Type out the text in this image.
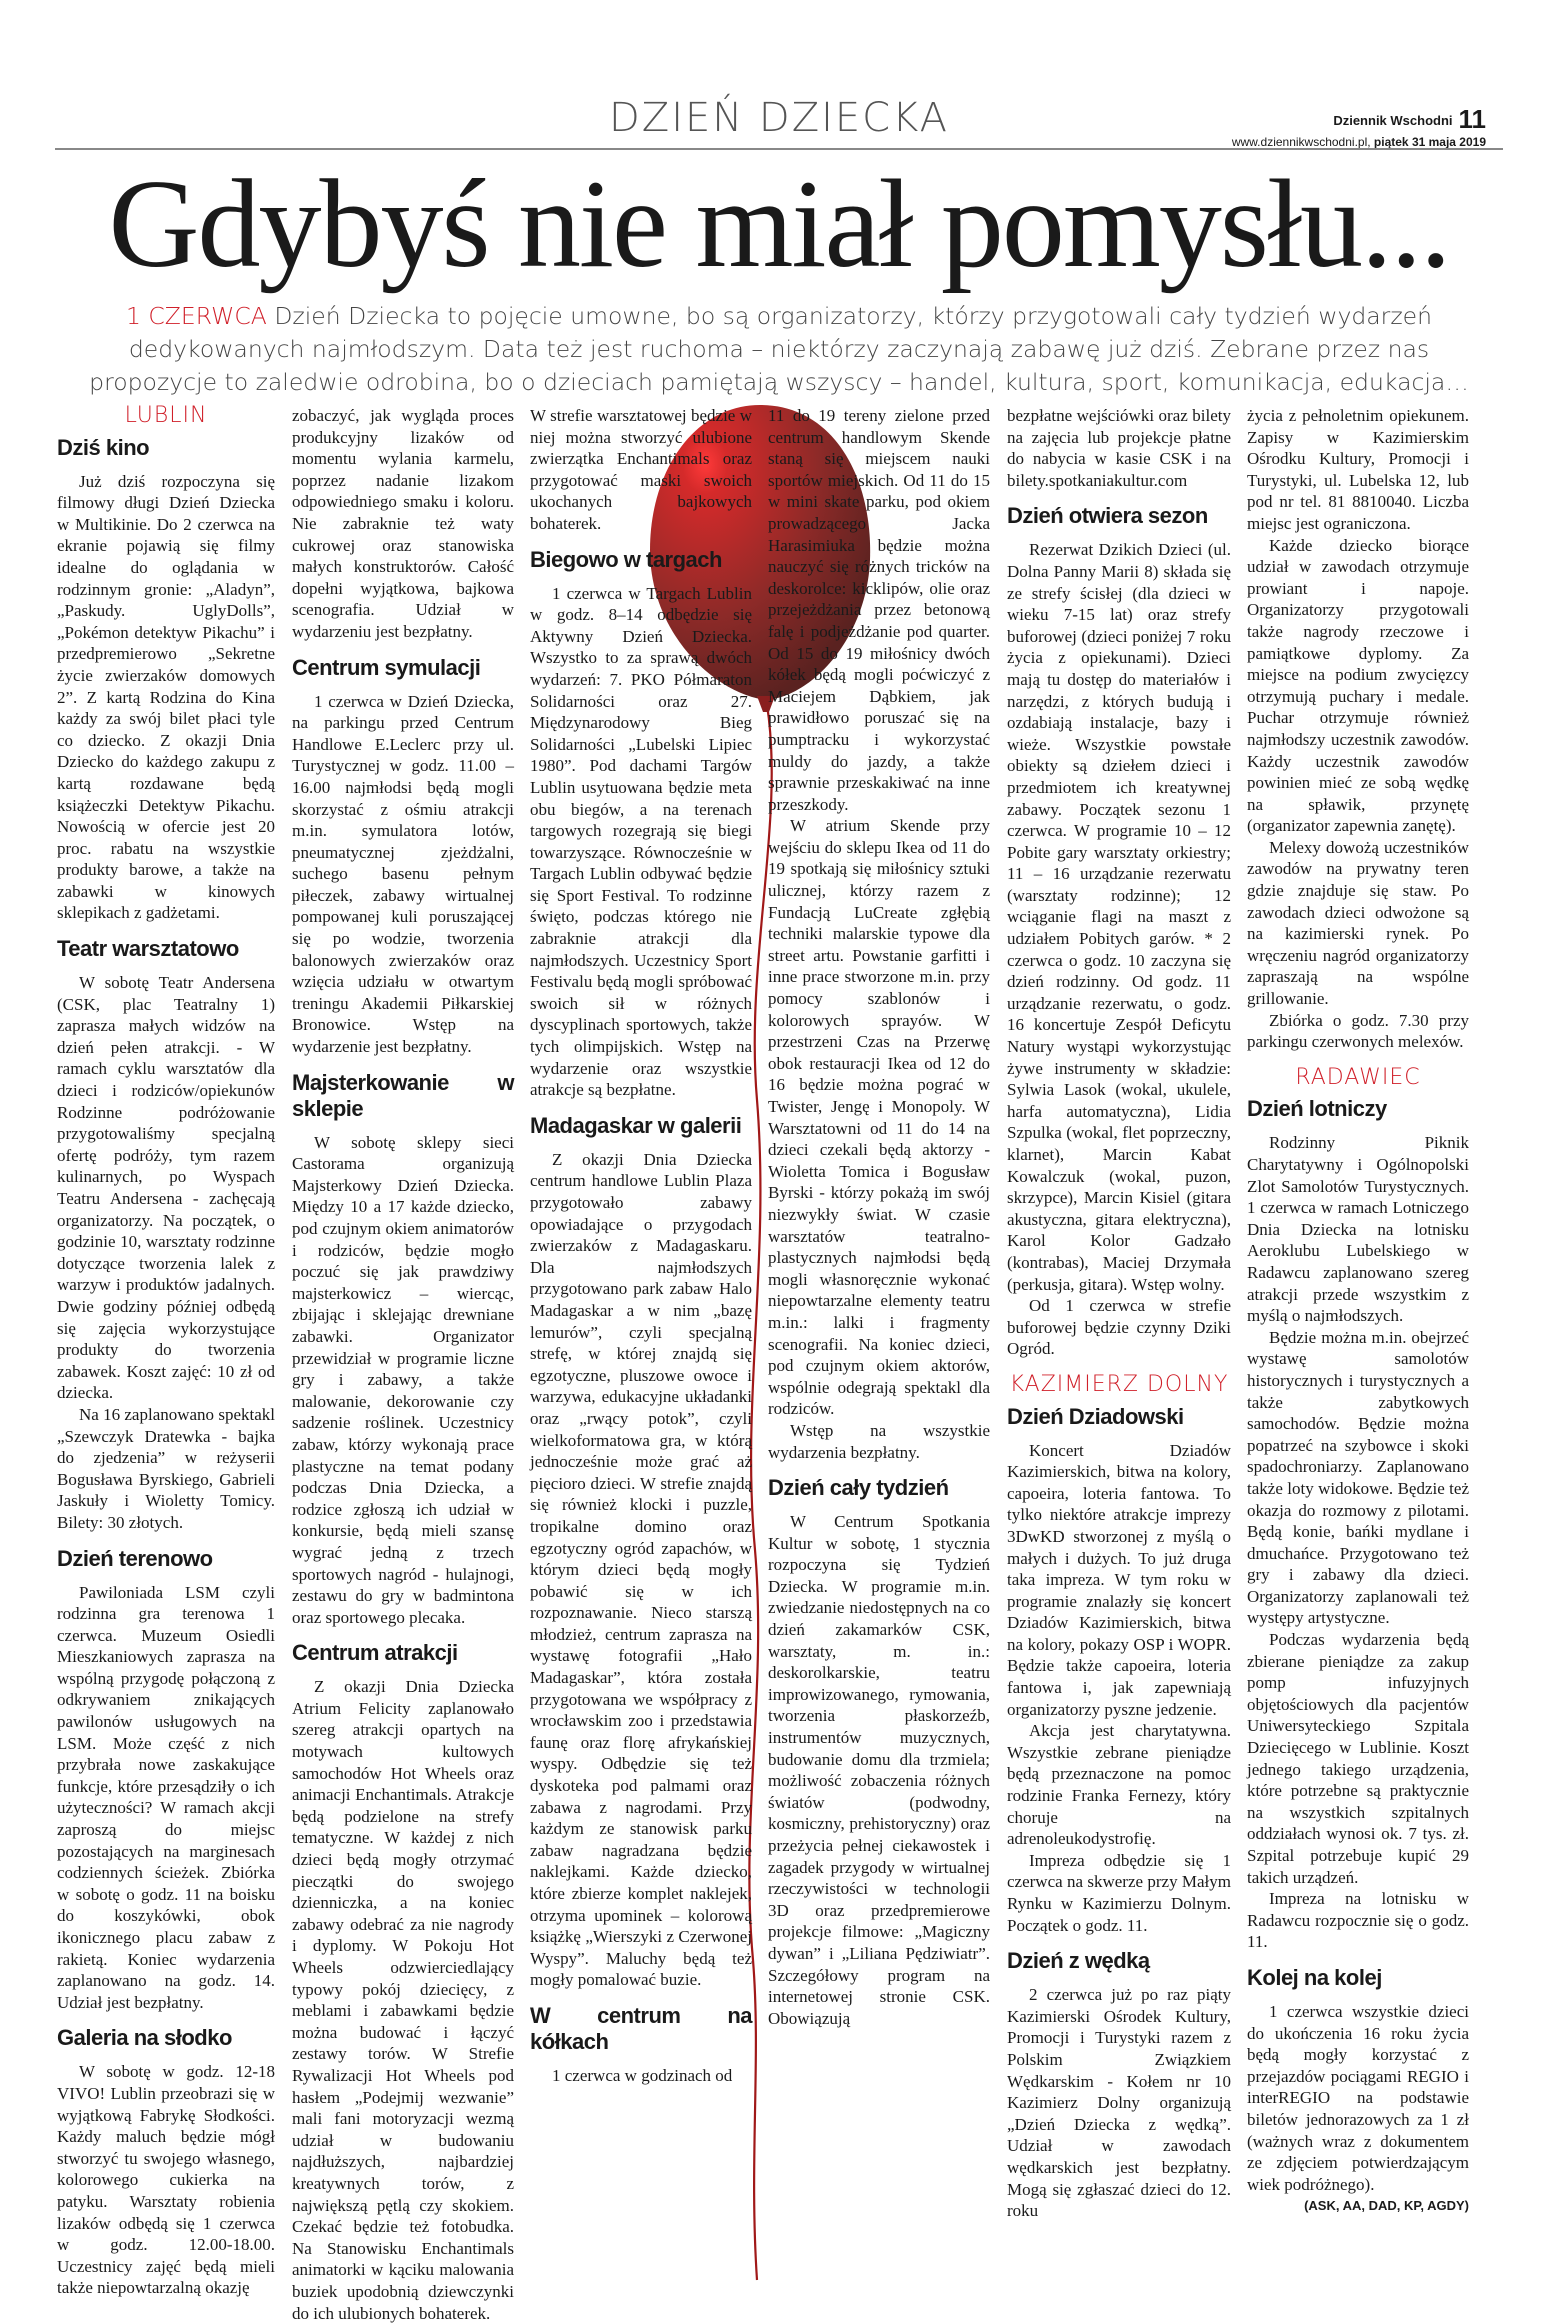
DZIEŃ DZIECKA	Dziennik Wschodni 11
www.dziennikwschodni.pl, piątek 31 maja 2019
Gdybyś nie miał pomysłu...
1 CZERWCA Dzień Dziecka to pojęcie umowne, bo są organizatorzy, którzy przygotowali cały tydzień wydarzeń dedykowanych najmłodszym. Data też jest ruchoma – niektórzy zaczynają zabawę już dziś. Zebrane przez nas propozycje to zaledwie odrobina, bo o dzieciach pamiętają wszyscy – handel, kultura, sport, komunikacja, edukacja…

LUBLIN

Dziś kino

Już dziś rozpoczyna się filmowy długi Dzień Dziecka w Multikinie. Do 2 czerwca na ekranie pojawią się filmy idealne do oglądania w rodzinnym gronie: „Aladyn”, „Paskudy. UglyDolls”, „Pokémon detektyw Pikachu” i przedpremierowo „Sekretne życie zwierzaków domowych 2”. Z kartą Rodzina do Kina każdy za swój bilet płaci tyle co dziecko. Z okazji Dnia Dziecko do każdego zakupu z kartą rozdawane będą książeczki Detektyw Pikachu. Nowością w ofercie jest 20 proc. rabatu na wszystkie produkty barowe, a także na zabawki w kinowych sklepikach z gadżetami.

Teatr warsztatowo

W sobotę Teatr Andersena (CSK, plac Teatralny 1) zaprasza małych widzów na dzień pełen atrakcji. - W ramach cyklu warsztatów dla dzieci i rodziców/opiekunów Rodzinne podróżowanie przygotowaliśmy specjalną ofertę podróży, tym razem kulinarnych, po Wyspach Teatru Andersena - zachęcają organizatorzy. Na początek, o godzinie 10, warsztaty rodzinne dotyczące tworzenia lalek z warzyw i produktów jadalnych. Dwie godziny później odbędą się zajęcia wykorzystujące produkty do tworzenia zabawek. Koszt zajęć: 10 zł od dziecka.

Na 16 zaplanowano spektakl „Szewczyk Dratewka - bajka do zjedzenia” w reżyserii Bogusława Byrskiego, Gabrieli Jaskuły i Wioletty Tomicy. Bilety: 30 złotych.

Dzień terenowo

Pawiloniada LSM czyli rodzinna gra terenowa 1 czerwca. Muzeum Osiedli Mieszkaniowych zaprasza na wspólną przygodę połączoną z odkrywaniem znikających pawilonów usługowych na LSM. Może część z nich przybrała nowe zaskakujące funkcje, które przesądziły o ich użyteczności? W ramach akcji zaproszą do miejsc pozostających na marginesach codziennych ścieżek. Zbiórka w sobotę o godz. 11 na boisku do koszykówki, obok ikonicznego placu zabaw z rakietą. Koniec wydarzenia zaplanowano na godz. 14. Udział jest bezpłatny.

Galeria na słodko

W sobotę w godz. 12-18 VIVO! Lublin przeobrazi się w wyjątkową Fabrykę Słodkości. Każdy maluch będzie mógł stworzyć tu swojego własnego, kolorowego cukierka na patyku. Warsztaty robienia lizaków odbędą się 1 czerwca w godz. 12.00-18.00. Uczestnicy zajęć będą mieli także niepowtarzalną okazję

zobaczyć, jak wygląda proces produkcyjny lizaków od momentu wylania karmelu, poprzez nadanie lizakom odpowiedniego smaku i koloru. Nie zabraknie też waty cukrowej oraz stanowiska małych konstruktorów. Całość dopełni wyjątkowa, bajkowa scenografia. Udział w wydarzeniu jest bezpłatny.

Centrum symulacji

1 czerwca w Dzień Dziecka, na parkingu przed Centrum Handlowe E.Leclerc przy ul. Turystycznej w godz. 11.00 – 16.00 najmłodsi będą mogli skorzystać z ośmiu atrakcji m.in. symulatora lotów, pneumatycznej zjeżdżalni, suchego basenu pełnym piłeczek, zabawy wirtualnej pompowanej kuli poruszającej się po wodzie, tworzenia balonowych zwierzaków oraz wzięcia udziału w otwartym treningu Akademii Piłkarskiej Bronowice. Wstęp na wydarzenie jest bezpłatny.

Majsterkowanie w sklepie

W sobotę sklepy sieci Castorama organizują Majsterkowy Dzień Dziecka. Między 10 a 17 każde dziecko, pod czujnym okiem animatorów i rodziców, będzie mogło poczuć się jak prawdziwy majsterkowicz – wiercąc, zbijając i sklejając drewniane zabawki. Organizator przewidział w programie liczne gry i zabawy, a także malowanie, dekorowanie czy sadzenie roślinek. Uczestnicy zabaw, którzy wykonają prace plastyczne na temat podany podczas Dnia Dziecka, a rodzice zgłoszą ich udział w konkursie, będą mieli szansę wygrać jedną z trzech sportowych nagród - hulajnogi, zestawu do gry w badmintona oraz sportowego plecaka.

Centrum atrakcji

Z okazji Dnia Dziecka Atrium Felicity zaplanowało szereg atrakcji opartych na motywach kultowych samochodów Hot Wheels oraz animacji Enchantimals. Atrakcje będą podzielone na strefy tematyczne. W każdej z nich dzieci będą mogły otrzymać pieczątki do swojego dzienniczka, a na koniec zabawy odebrać za nie nagrody i dyplomy. W Pokoju Hot Wheels odzwierciedlający typowy pokój dziecięcy, z meblami i zabawkami będzie można budować i łączyć zestawy torów. W Strefie Rywalizacji Hot Wheels pod hasłem „Podejmij wezwanie” mali fani motoryzacji wezmą udział w budowaniu najdłuższych, najbardziej kreatywnych torów, z największą pętlą czy skokiem. Czekać będzie też fotobudka. Na Stanowisku Enchantimals animatorki w kąciku malowania buziek upodobnią dziewczynki do ich ulubionych bohaterek.

W strefie warsztatowej będzie w niej można stworzyć ulubione zwierzątka Enchantimals oraz przygotować maski swoich ukochanych bajkowych bohaterek.

Biegowo w targach

1 czerwca w Targach Lublin w godz. 8–14 odbędzie się Aktywny Dzień Dziecka. Wszystko to za sprawą dwóch wydarzeń: 7. PKO Półmaraton Solidarności oraz 27. Międzynarodowy Bieg Solidarności „Lubelski Lipiec 1980”. Pod dachami Targów Lublin usytuowana będzie meta obu biegów, a na terenach targowych rozegrają się biegi towarzyszące. Równocześnie w Targach Lublin odbywać będzie się Sport Festival. To rodzinne święto, podczas którego nie zabraknie atrakcji dla najmłodszych. Uczestnicy Sport Festivalu będą mogli spróbować swoich sił w różnych dyscyplinach sportowych, także tych olimpijskich. Wstęp na wydarzenie oraz wszystkie atrakcje są bezpłatne.

Madagaskar w galerii

Z okazji Dnia Dziecka centrum handlowe Lublin Plaza przygotowało zabawy opowiadające o przygodach zwierzaków z Madagaskaru. Dla najmłodszych przygotowano park zabaw Halo Madagaskar a w nim „bazę lemurów”, czyli specjalną strefę, w której znajdą się egzotyczne, pluszowe owoce i warzywa, edukacyjne układanki oraz „rwący potok”, czyli wielkoformatowa gra, w którą jednocześnie może grać aż pięcioro dzieci. W strefie znajdą się również klocki i puzzle, tropikalne domino oraz egzotyczny ogród zapachów, w którym dzieci będą mogły pobawić się w ich rozpoznawanie. Nieco starszą młodzież, centrum zaprasza na wystawę fotografii „Hało Madagaskar”, która została przygotowana we współpracy z wrocławskim zoo i przedstawia faunę oraz florę afrykańskiej wyspy. Odbędzie się też dyskoteka pod palmami oraz zabawa z nagrodami. Przy każdym ze stanowisk parku zabaw nagradzana będzie naklejkami. Każde dziecko, które zbierze komplet naklejek, otrzyma upominek – kolorową książkę „Wierszyki z Czerwonej Wyspy”. Maluchy będą też mogły pomalować buzie.

W centrum na kółkach

1 czerwca w godzinach od

11 do 19 tereny zielone przed centrum handlowym Skende staną się miejscem nauki sportów miejskich. Od 11 do 15 w mini skate parku, pod okiem prowadzącego Jacka Harasimiuka będzie można nauczyć się różnych tricków na deskorolce: kicklipów, olie oraz przejeżdżania przez betonową falę i podjeżdżanie pod quarter. Od 15 do 19 miłośnicy dwóch kółek będą mogli poćwiczyć z Maciejem Dąbkiem, jak prawidłowo poruszać się na pumptracku i wykorzystać muldy do jazdy, a także sprawnie przeskakiwać na inne przeszkody.

W atrium Skende przy wejściu do sklepu Ikea od 11 do 19 spotkają się miłośnicy sztuki ulicznej, którzy razem z Fundacją LuCreate zgłębią techniki malarskie typowe dla street artu. Powstanie garfitti i inne prace stworzone m.in. przy pomocy szablonów i kolorowych sprayów. W przestrzeni Czas na Przerwę obok restauracji Ikea od 12 do 16 będzie można pograć w Twister, Jengę i Monopoly. W Warsztatowni od 11 do 14 na dzieci czekali będą aktorzy - Wioletta Tomica i Bogusław Byrski - którzy pokażą im swój niezwykły świat. W czasie warsztatów teatralno-plastycznych najmłodsi będą mogli własnoręcznie wykonać niepowtarzalne elementy teatru m.in.: lalki i fragmenty scenografii. Na koniec dzieci, pod czujnym okiem aktorów, wspólnie odegrają spektakl dla rodziców.

Wstęp na wszystkie wydarzenia bezpłatny.

Dzień cały tydzień

W Centrum Spotkania Kultur w sobotę, 1 stycznia rozpoczyna się Tydzień Dziecka. W programie m.in. zwiedzanie niedostępnych na co dzień zakamarków CSK, warsztaty, m. in.: deskorolkarskie, teatru improwizowanego, rymowania, tworzenia płaskorzeźb, instrumentów muzycznych, budowanie domu dla trzmiela; możliwość zobaczenia różnych światów (podwodny, kosmiczny, prehistoryczny) oraz przeżycia pełnej ciekawostek i zagadek przygody w wirtualnej rzeczywistości w technologii 3D oraz przedpremierowe projekcje filmowe: „Magiczny dywan” i „Liliana Pędziwiatr”. Szczegółowy program na internetowej stronie CSK. Obowiązują

bezpłatne wejściówki oraz bilety na zajęcia lub projekcje płatne do nabycia w kasie CSK i na bilety.spotkaniakultur.com

Dzień otwiera sezon

Rezerwat Dzikich Dzieci (ul. Dolna Panny Marii 8) składa się ze strefy ścisłej (dla dzieci w wieku 7-15 lat) oraz strefy buforowej (dzieci poniżej 7 roku życia z opiekunami). Dzieci mają tu dostęp do materiałów i narzędzi, z których budują i ozdabiają instalacje, bazy i wieże. Wszystkie powstałe obiekty są dziełem dzieci i przedmiotem ich kreatywnej zabawy. Początek sezonu 1 czerwca. W programie 10 – 12 Pobite gary warsztaty orkiestry; 11 – 16 urządzanie rezerwatu (warsztaty rodzinne); 12 wciąganie flagi na maszt z udziałem Pobitych garów. * 2 czerwca o godz. 10 zaczyna się dzień rodzinny. Od godz. 11 urządzanie rezerwatu, o godz. 16 koncertuje Zespół Deficytu Natury wystąpi wykorzystując żywe instrumenty w składzie: Sylwia Lasok (wokal, ukulele, harfa automatyczna), Lidia Szpulka (wokal, flet poprzeczny, klarnet), Marcin Kabat Kowalczuk (wokal, puzon, skrzypce), Marcin Kisiel (gitara akustyczna, gitara elektryczna), Karol Kolor Gadzało (kontrabas), Maciej Drzymała (perkusja, gitara). Wstęp wolny.

Od 1 czerwca w strefie buforowej będzie czynny Dziki Ogród.

KAZIMIERZ DOLNY

Dzień Dziadowski

Koncert Dziadów Kazimierskich, bitwa na kolory, capoeira, loteria fantowa. To tylko niektóre atrakcje imprezy 3DwKD stworzonej z myślą o małych i dużych. To już druga taka impreza. W tym roku w programie znalazły się koncert Dziadów Kazimierskich, bitwa na kolory, pokazy OSP i WOPR. Będzie także capoeira, loteria fantowa i, jak zapewniają organizatorzy pyszne jedzenie.

Akcja jest charytatywna. Wszystkie zebrane pieniądze będą przeznaczone na pomoc rodzinie Franka Fernezy, który choruje na adrenoleukodystrofię.

Impreza odbędzie się 1 czerwca na skwerze przy Małym Rynku w Kazimierzu Dolnym. Początek o godz. 11.

Dzień z wędką

2 czerwca już po raz piąty Kazimierski Ośrodek Kultury, Promocji i Turystyki razem z Polskim Związkiem Wędkarskim - Kołem nr 10 Kazimierz Dolny organizują „Dzień Dziecka z wędką”. Udział w zawodach wędkarskich jest bezpłatny. Mogą się zgłaszać dzieci do 12. roku

życia z pełnoletnim opiekunem. Zapisy w Kazimierskim Ośrodku Kultury, Promocji i Turystyki, ul. Lubelska 12, lub pod nr tel. 81 8810040. Liczba miejsc jest ograniczona.

Każde dziecko biorące udział w zawodach otrzymuje prowiant i napoje. Organizatorzy przygotowali także nagrody rzeczowe i pamiątkowe dyplomy. Za miejsce na podium zwycięzcy otrzymują puchary i medale. Puchar otrzymuje również najmłodszy uczestnik zawodów. Każdy uczestnik zawodów powinien mieć ze sobą wędkę na spławik, przynętę (organizator zapewnia zanętę).

Melexy dowożą uczestników zawodów na prywatny teren gdzie znajduje się staw. Po zawodach dzieci odwożone są na kazimierski rynek. Po wręczeniu nagród organizatorzy zapraszają na wspólne grillowanie.

Zbiórka o godz. 7.30 przy parkingu czerwonych melexów.

RADAWIEC

Dzień lotniczy

Rodzinny Piknik Charytatywny i Ogólnopolski Zlot Samolotów Turystycznych. 1 czerwca w ramach Lotniczego Dnia Dziecka na lotnisku Aeroklubu Lubelskiego w Radawcu zaplanowano szereg atrakcji przede wszystkim z myślą o najmłodszych.

Będzie można m.in. obejrzeć wystawę samolotów historycznych i turystycznych a także zabytkowych samochodów. Będzie można popatrzeć na szybowce i skoki spadochroniarzy. Zaplanowano także loty widokowe. Będzie też okazja do rozmowy z pilotami. Będą konie, bańki mydlane i dmuchańce. Przygotowano też gry i zabawy dla dzieci. Organizatorzy zaplanowali też występy artystyczne.

Podczas wydarzenia będą zbierane pieniądze za zakup pomp infuzyjnych objętościowych dla pacjentów Uniwersyteckiego Szpitala Dziecięcego w Lublinie. Koszt jednego takiego urządzenia, które potrzebne są praktycznie na wszystkich szpitalnych oddziałach wynosi ok. 7 tys. zł. Szpital potrzebuje kupić 29 takich urządzeń.

Impreza na lotnisku w Radawcu rozpocznie się o godz. 11.

Kolej na kolej

1 czerwca wszystkie dzieci do ukończenia 16 roku życia będą mogły korzystać z przejazdów pociągami REGIO i interREGIO na podstawie biletów jednorazowych za 1 zł (ważnych wraz z dokumentem ze zdjęciem potwierdzającym wiek podróżnego).

(ASK, AA, DAD, KP, AGDY)
